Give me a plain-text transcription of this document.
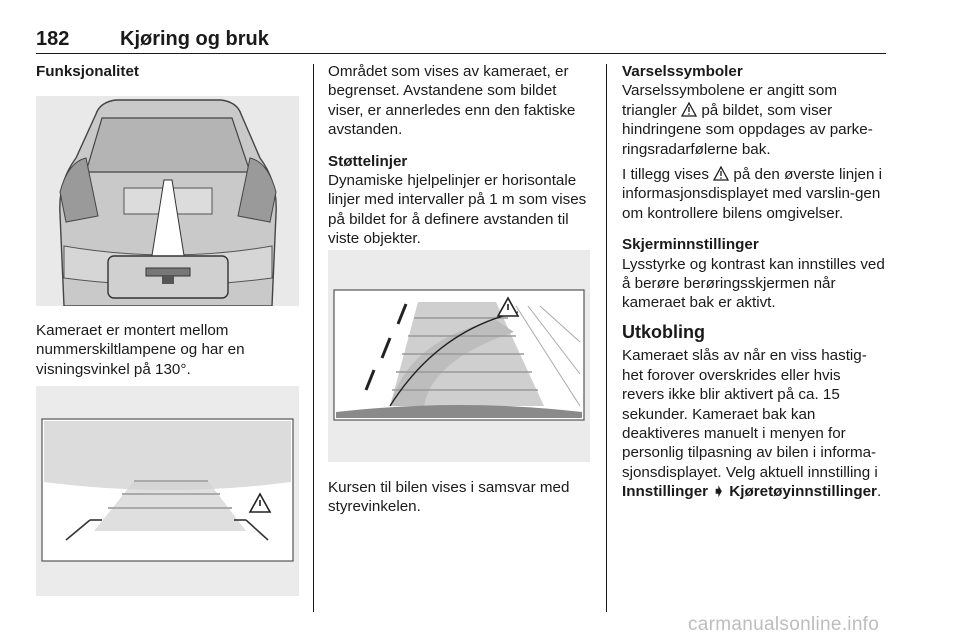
182	Kjøring og bruk

Funksjonalitet

Kameraet er montert mellom nummerskiltlampene og har en visningsvinkel på 130°.

Området som vises av kameraet, er begrenset. Avstandene som bildet viser, er annerledes enn den faktiske avstanden.

Støttelinjer

Dynamiske hjelpelinjer er horisontale linjer med intervaller på 1 m som vises på bildet for å definere avstanden til viste objekter.

Kursen til bilen vises i samsvar med styrevinkelen.

Varselssymboler

Varselssymbolene er angitt som triangler på bildet, som viser hindringene som oppdages av parke-ringsradarfølerne bak.

I tillegg vises på den øverste linjen i informasjonsdisplayet med varslin-gen om kontrollere bilens omgivelser.

Skjerminnstillinger

Lysstyrke og kontrast kan innstilles ved å berøre berøringsskjermen når kameraet bak er aktivt.

Utkobling

Kameraet slås av når en viss hastig-het forover overskrides eller hvis revers ikke blir aktivert på ca. 15 sekunder. Kameraet bak kan deaktiveres manuelt i menyen for personlig tilpasning av bilen i informa-sjonsdisplayet. Velg aktuell innstilling i Innstillinger ➧ Kjøretøyinnstillinger.

carmanualsonline.info
